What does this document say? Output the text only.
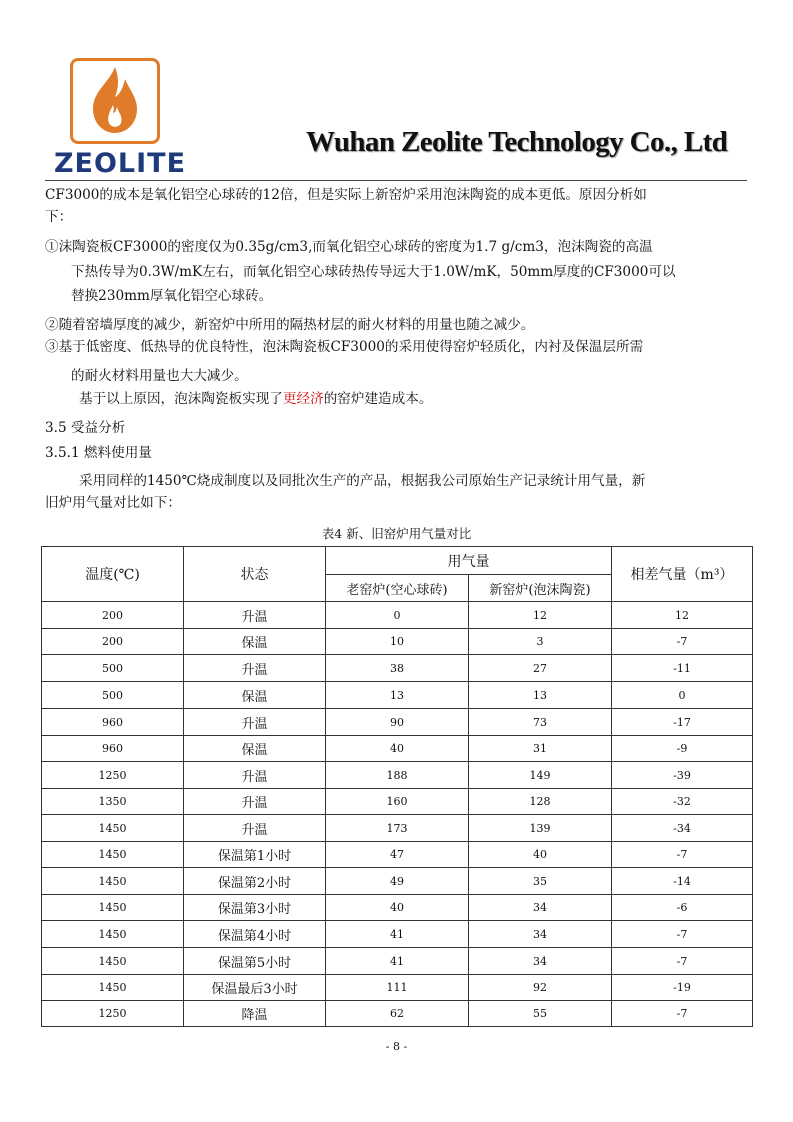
ZEOLITE
Wuhan Zeolite Technology Co., Ltd
CF3000的成本是氧化铝空心球砖的12倍，但是实际上新窑炉采用泡沫陶瓷的成本更低。原因分析如
下：
①沫陶瓷板CF3000的密度仅为0.35g/cm3,而氧化铝空心球砖的密度为1.7 g/cm3，泡沫陶瓷的高温
下热传导为0.3W/mK左右，而氧化铝空心球砖热传导远大于1.0W/mK，50mm厚度的CF3000可以
替换230mm厚氧化铝空心球砖。
②随着窑墙厚度的减少，新窑炉中所用的隔热材层的耐火材料的用量也随之减少。
③基于低密度、低热导的优良特性，泡沫陶瓷板CF3000的采用使得窑炉轻质化，内衬及保温层所需
的耐火材料用量也大大减少。
基于以上原因，泡沫陶瓷板实现了更经济的窑炉建造成本。
3.5 受益分析
3.5.1 燃料使用量
采用同样的1450℃烧成制度以及同批次生产的产品，根据我公司原始生产记录统计用气量，新
旧炉用气量对比如下：
表4 新、旧窑炉用气量对比
温度(℃)	状态	用气量		相差气量（m³）
		老窑炉(空心球砖)	新窑炉(泡沫陶瓷)	
200	升温	0	12	12
200	保温	10	3	-7
500	升温	38	27	-11
500	保温	13	13	0
960	升温	90	73	-17
960	保温	40	31	-9
1250	升温	188	149	-39
1350	升温	160	128	-32
1450	升温	173	139	-34
1450	保温第1小时	47	40	-7
1450	保温第2小时	49	35	-14
1450	保温第3小时	40	34	-6
1450	保温第4小时	41	34	-7
1450	保温第5小时	41	34	-7
1450	保温最后3小时	111	92	-19
1250	降温	62	55	-7
- 8 -
